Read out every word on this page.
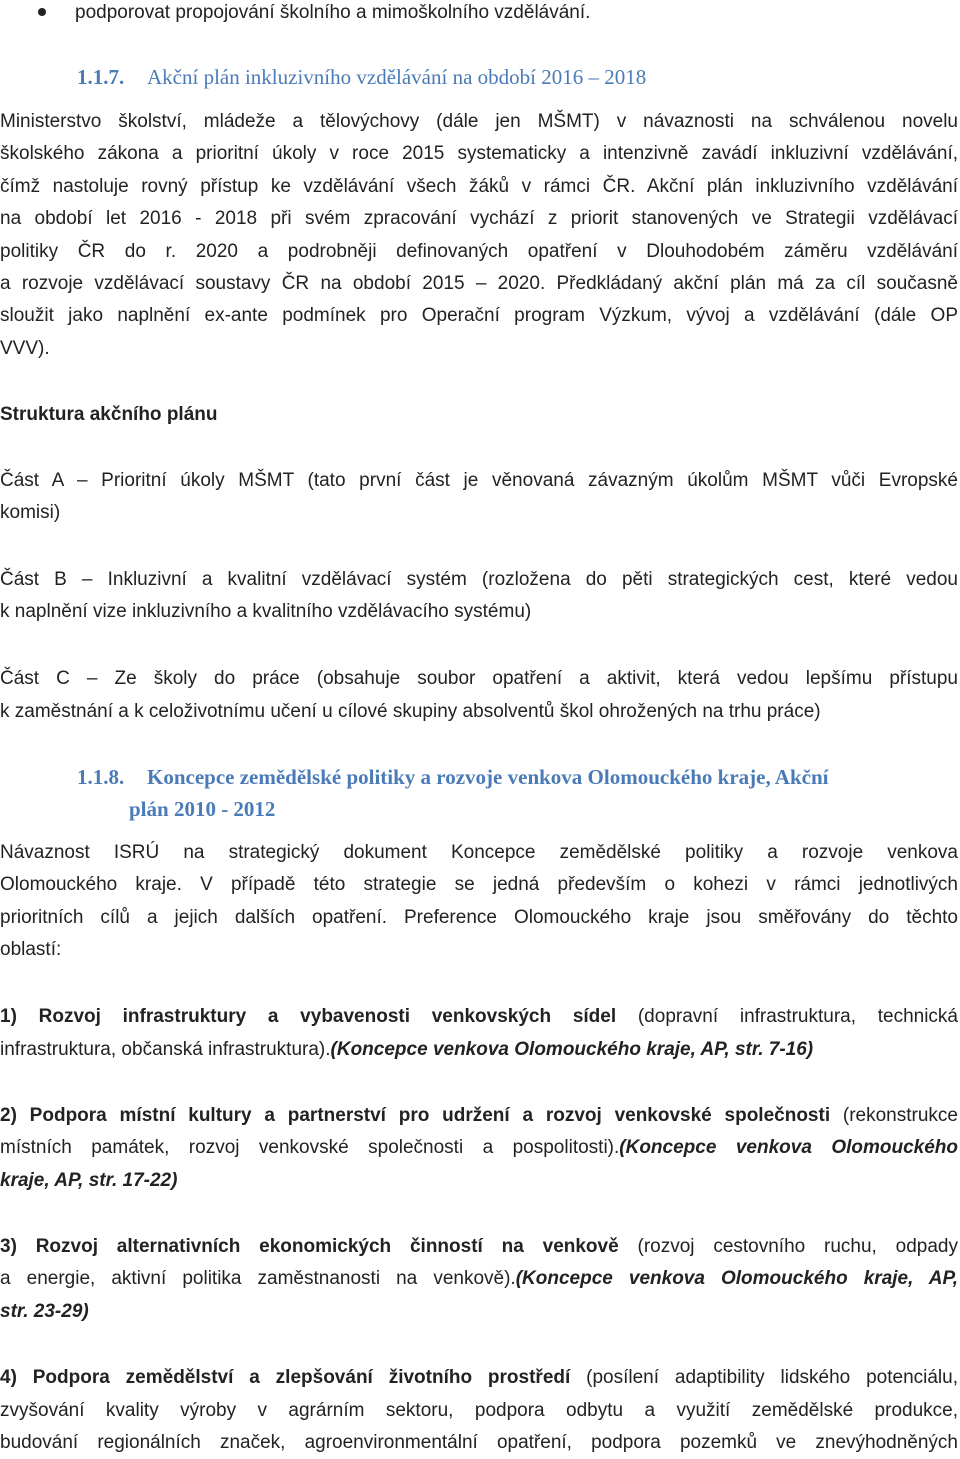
podporovat propojování školního a mimoškolního vzdělávání.
1.1.7. Akční plán inkluzivního vzdělávání na období 2016 – 2018
Ministerstvo školství, mládeže a tělovýchovy (dále jen MŠMT) v návaznosti na schválenou novelu
školského zákona a prioritní úkoly v roce 2015 systematicky a intenzivně zavádí inkluzivní vzdělávání,
čímž nastoluje rovný přístup ke vzdělávání všech žáků v rámci ČR. Akční plán inkluzivního vzdělávání
na období let 2016 - 2018 při svém zpracování vychází z priorit stanovených ve Strategii vzdělávací
politiky ČR do r. 2020 a podrobněji definovaných opatření v Dlouhodobém záměru vzdělávání
a rozvoje vzdělávací soustavy ČR na období 2015 – 2020. Předkládaný akční plán má za cíl současně
sloužit jako naplnění ex-ante podmínek pro Operační program Výzkum, vývoj a vzdělávání (dále OP
VVV).
Struktura akčního plánu
Část A – Prioritní úkoly MŠMT (tato první část je věnovaná závazným úkolům MŠMT vůči Evropské
komisi)
Část B – Inkluzivní a kvalitní vzdělávací systém (rozložena do pěti strategických cest, které vedou
k naplnění vize inkluzivního a kvalitního vzdělávacího systému)
Část C – Ze školy do práce (obsahuje soubor opatření a aktivit, která vedou lepšímu přístupu
k zaměstnání a k celoživotnímu učení u cílové skupiny absolventů škol ohrožených na trhu práce)
1.1.8. Koncepce zemědělské politiky a rozvoje venkova Olomouckého kraje, Akční
plán 2010 - 2012
Návaznost ISRÚ na strategický dokument Koncepce zemědělské politiky a rozvoje venkova
Olomouckého kraje. V případě této strategie se jedná především o kohezi v rámci jednotlivých
prioritních cílů a jejich dalších opatření. Preference Olomouckého kraje jsou směřovány do těchto
oblastí:
1) Rozvoj infrastruktury a vybavenosti venkovských sídel (dopravní infrastruktura, technická
infrastruktura, občanská infrastruktura).(Koncepce venkova Olomouckého kraje, AP, str. 7-16)
2) Podpora místní kultury a partnerství pro udržení a rozvoj venkovské společnosti (rekonstrukce
místních památek, rozvoj venkovské společnosti a pospolitosti).(Koncepce venkova Olomouckého
kraje, AP, str. 17-22)
3) Rozvoj alternativních ekonomických činností na venkově (rozvoj cestovního ruchu, odpady
a energie, aktivní politika zaměstnanosti na venkově).(Koncepce venkova Olomouckého kraje, AP,
str. 23-29)
4) Podpora zemědělství a zlepšování životního prostředí (posílení adaptibility lidského potenciálu,
zvyšování kvality výroby v agrárním sektoru, podpora odbytu a využití zemědělské produkce,
budování regionálních značek, agroenvironmentální opatření, podpora pozemků ve znevýhodněných
